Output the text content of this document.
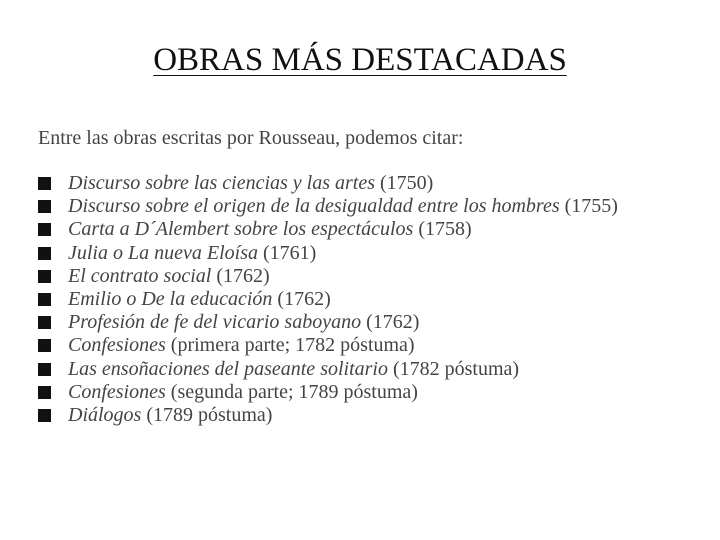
OBRAS MÁS DESTACADAS

Entre las obras escritas por Rousseau, podemos citar:

Discurso sobre las ciencias y las artes (1750)
Discurso sobre el origen de la desigualdad entre los hombres (1755)
Carta a D´Alembert sobre los espectáculos (1758)
Julia o La nueva Eloísa (1761)
El contrato social (1762)
Emilio o De la educación (1762)
Profesión de fe del vicario saboyano (1762)
Confesiones (primera parte; 1782 póstuma)
Las ensoñaciones del paseante solitario (1782 póstuma)
Confesiones (segunda parte; 1789 póstuma)
Diálogos (1789 póstuma)
